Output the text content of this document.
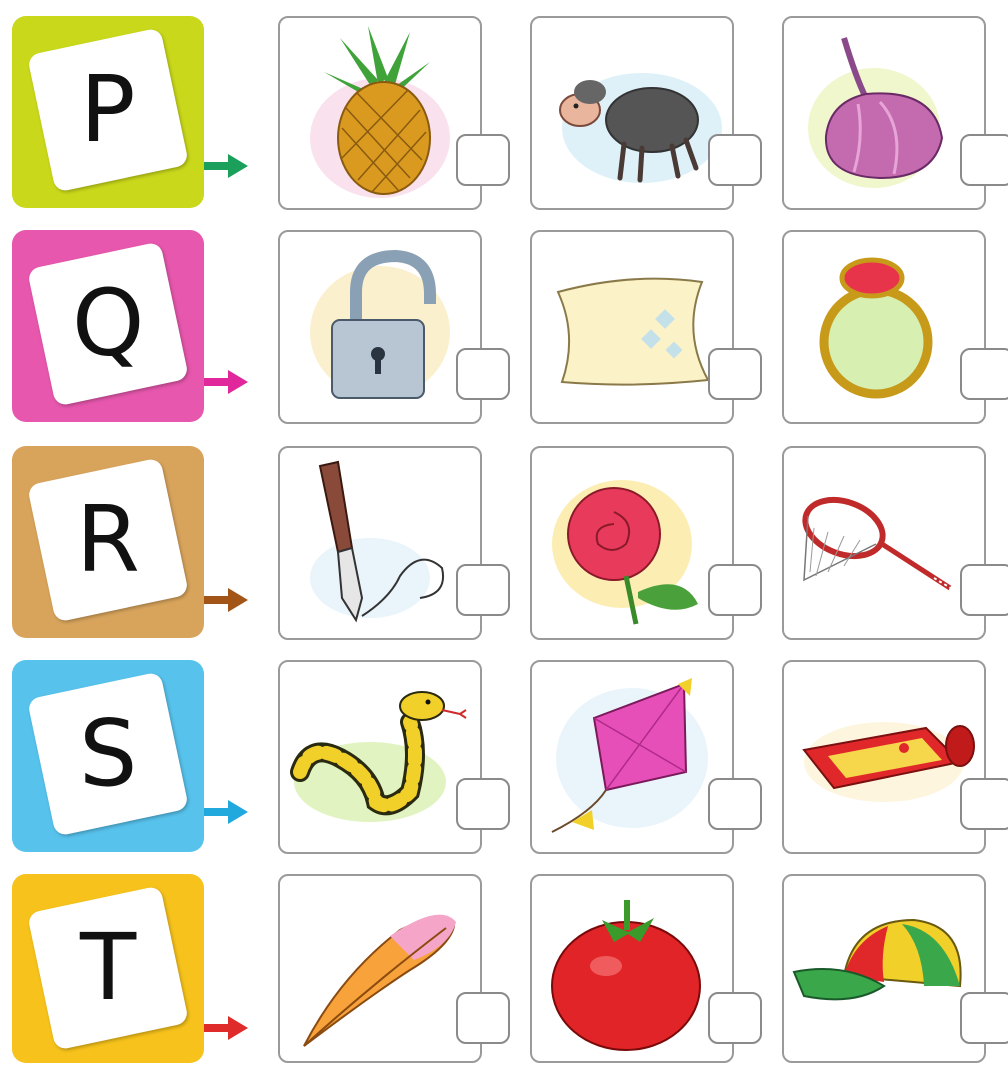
P
Q
R
S
T
